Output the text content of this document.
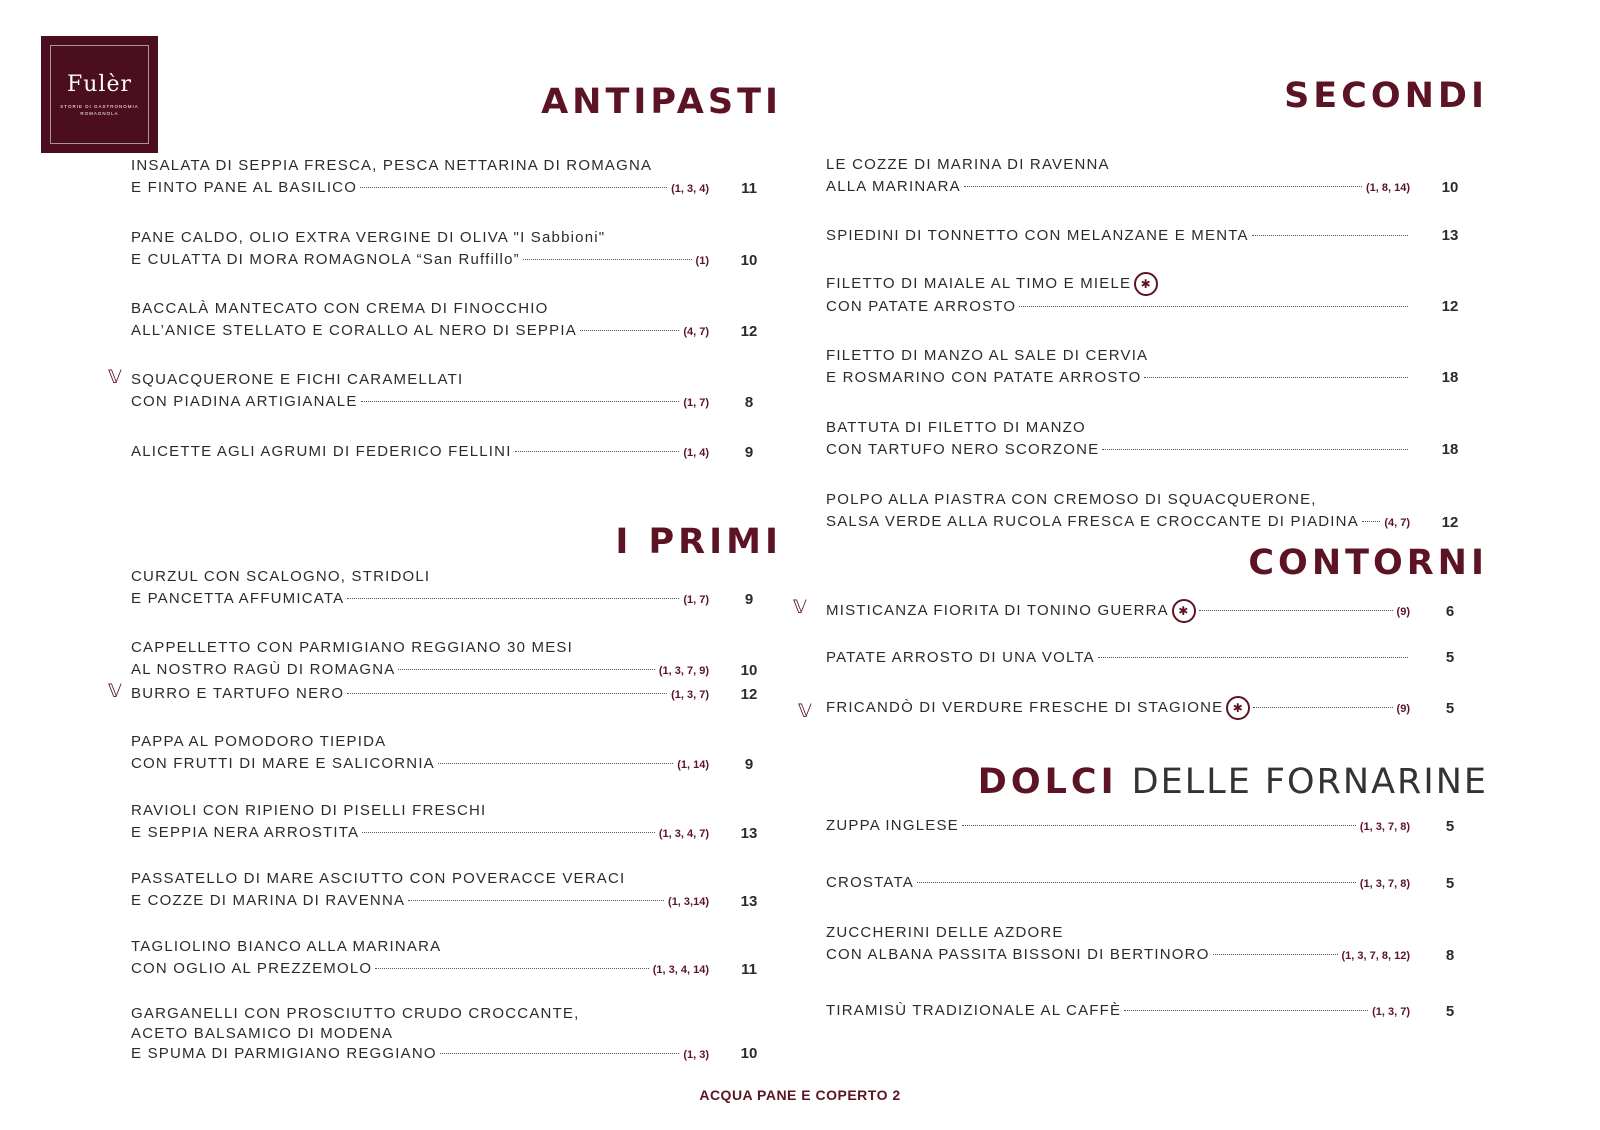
Fulèr
STORIE DI GASTRONOMIA
ROMAGNOLA	ANTIPASTI
I PRIMI
SECONDI
CONTORNI
DOLCI DELLE FORNARINE
INSALATA DI SEPPIA FRESCA, PESCA NETTARINA DI ROMAGNA
E FINTO PANE AL BASILICO	(1, 3, 4)	11
PANE CALDO, OLIO EXTRA VERGINE DI OLIVA "I Sabbioni"
E CULATTA DI MORA ROMAGNOLA “San Ruffillo”	(1)	10
BACCALÀ MANTECATO CON CREMA DI FINOCCHIO
ALL’ANICE STELLATO E CORALLO AL NERO DI SEPPIA	(4, 7)	12
𝕍 SQUACQUERONE E FICHI CARAMELLATI
CON PIADINA ARTIGIANALE	(1, 7)	8
ALICETTE AGLI AGRUMI DI FEDERICO FELLINI	(1, 4)	9
CURZUL CON SCALOGNO, STRIDOLI
E PANCETTA AFFUMICATA	(1, 7)	9
CAPPELLETTO CON PARMIGIANO REGGIANO 30 MESI
AL NOSTRO RAGÙ DI ROMAGNA	(1, 3, 7, 9)	10
𝕍 BURRO E TARTUFO NERO	(1, 3, 7)	12
PAPPA AL POMODORO TIEPIDA
CON FRUTTI DI MARE E SALICORNIA	(1, 14)	9
RAVIOLI CON RIPIENO DI PISELLI FRESCHI
E SEPPIA NERA ARROSTITA	(1, 3, 4, 7)	13
PASSATELLO DI MARE ASCIUTTO CON POVERACCE VERACI
E COZZE DI MARINA DI RAVENNA	(1, 3,14)	13
TAGLIOLINO BIANCO ALLA MARINARA
CON OGLIO AL PREZZEMOLO	(1, 3, 4, 14)	11
GARGANELLI CON PROSCIUTTO CRUDO CROCCANTE,
ACETO BALSAMICO DI MODENA
E SPUMA DI PARMIGIANO REGGIANO	(1, 3)	10
LE COZZE DI MARINA DI RAVENNA
ALLA MARINARA	(1, 8, 14)	10
SPIEDINI DI TONNETTO CON MELANZANE E MENTA	13
FILETTO DI MAIALE AL TIMO E MIELE ✱
CON PATATE ARROSTO	12
FILETTO DI MANZO AL SALE DI CERVIA
E ROSMARINO CON PATATE ARROSTO	18
BATTUTA DI FILETTO DI MANZO
CON TARTUFO NERO SCORZONE	18
POLPO ALLA PIASTRA CON CREMOSO DI SQUACQUERONE,
SALSA VERDE ALLA RUCOLA FRESCA E CROCCANTE DI PIADINA (4, 7)	12
𝕍 MISTICANZA FIORITA DI TONINO GUERRA ✱	(9)	6
PATATE ARROSTO DI UNA VOLTA	5
𝕍 FRICANDÒ DI VERDURE FRESCHE DI STAGIONE ✱	(9)	5
ZUPPA INGLESE	(1, 3, 7, 8)	5
CROSTATA	(1, 3, 7, 8)	5
ZUCCHERINI DELLE AZDORE
CON ALBANA PASSITA BISSONI DI BERTINORO	(1, 3, 7, 8, 12)	8
TIRAMISÙ TRADIZIONALE AL CAFFÈ	(1, 3, 7)	5
ACQUA PANE E COPERTO 2
